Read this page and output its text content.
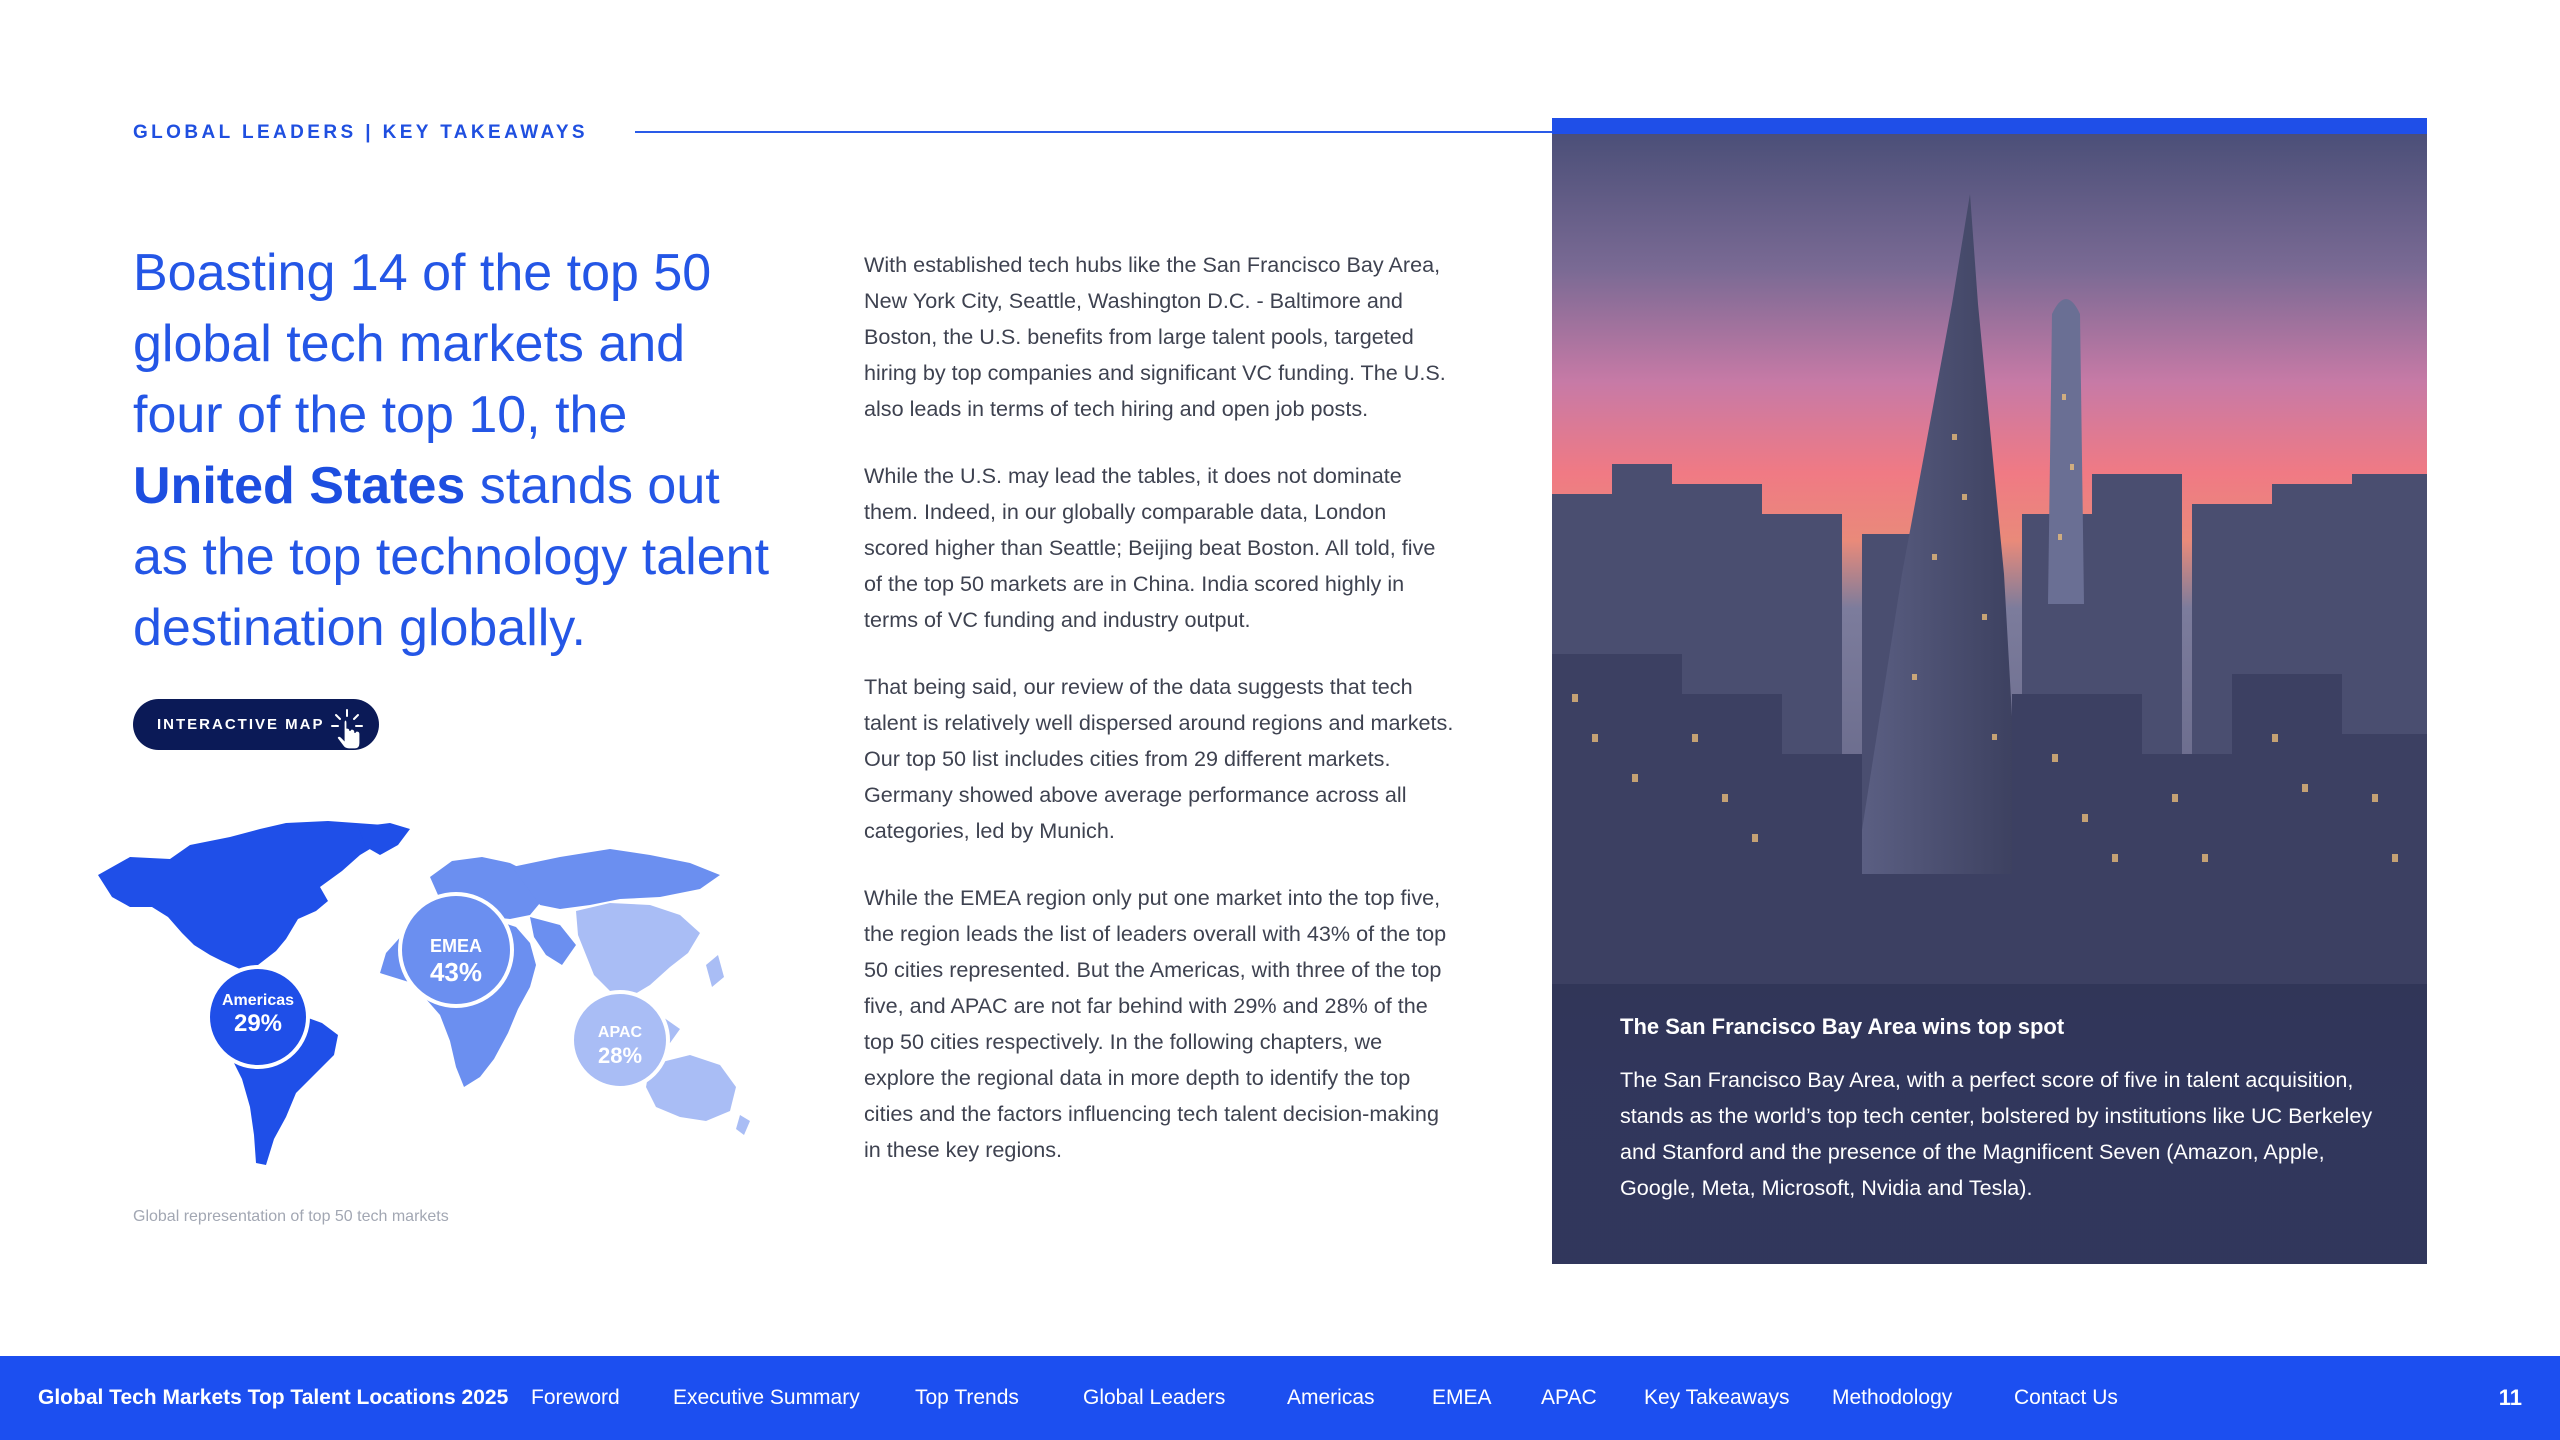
GLOBAL LEADERS | KEY TAKEAWAYS
Boasting 14 of the top 50 global tech markets and four of the top 10, the United States stands out as the top technology talent destination globally.
INTERACTIVE MAP
Americas
29%
EMEA
43%
APAC
28%
Global representation of top 50 tech markets

With established tech hubs like the San Francisco Bay Area, New York City, Seattle, Washington D.C. - Baltimore and Boston, the U.S. benefits from large talent pools, targeted hiring by top companies and significant VC funding. The U.S. also leads in terms of tech hiring and open job posts.

While the U.S. may lead the tables, it does not dominate them. Indeed, in our globally comparable data, London scored higher than Seattle; Beijing beat Boston. All told, five of the top 50 markets are in China. India scored highly in terms of VC funding and industry output.

That being said, our review of the data suggests that tech talent is relatively well dispersed around regions and markets. Our top 50 list includes cities from 29 different markets. Germany showed above average performance across all categories, led by Munich.

While the EMEA region only put one market into the top five, the region leads the list of leaders overall with 43% of the top 50 cities represented. But the Americas, with three of the top five, and APAC are not far behind with 29% and 28% of the top 50 cities respectively. In the following chapters, we explore the regional data in more depth to identify the top cities and the factors influencing tech talent decision-making in these key regions.

The San Francisco Bay Area wins top spot
The San Francisco Bay Area, with a perfect score of five in talent acquisition, stands as the world’s top tech center, bolstered by institutions like UC Berkeley and Stanford and the presence of the Magnificent Seven (Amazon, Apple, Google, Meta, Microsoft, Nvidia and Tesla).
Global Tech Markets Top Talent Locations 2025 Foreword	Executive Summary	Top Trends	Global Leaders	Americas	EMEA APAC Key Takeaways Methodology	Contact Us	11
